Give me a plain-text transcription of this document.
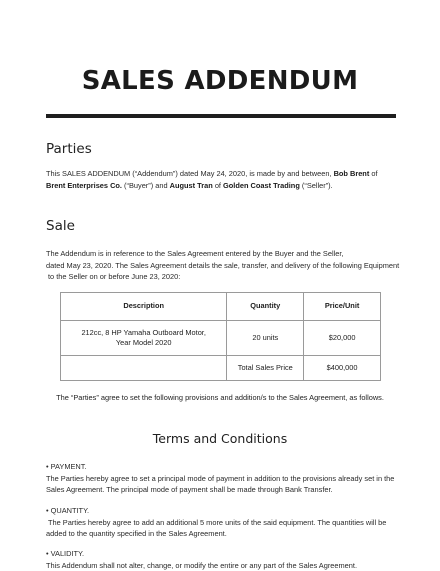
SALES ADDENDUM
Parties
This SALES ADDENDUM (“Addendum”) dated May 24, 2020, is made by and between, Bob Brent of Brent Enterprises Co. (“Buyer”) and August Tran of Golden Coast Trading (“Seller”).
Sale
The Addendum is in reference to the Sales Agreement entered by the Buyer and the Seller,
dated May 23, 2020. The Sales Agreement details the sale, transfer, and delivery of the following Equipment
to the Seller on or before June 23, 2020:
Description	Quantity	Price/Unit

212cc, 8 HP Yamaha Outboard Motor,
Year Model 2020	20 units	$20,000
	Total Sales Price	$400,000
The “Parties” agree to set the following provisions and addition/s to the Sales Agreement, as follows.
Terms and Conditions
• PAYMENT.
The Parties hereby agree to set a principal mode of payment in addition to the provisions already set in the
Sales Agreement. The principal mode of payment shall be made through Bank Transfer.
• QUANTITY.
The Parties hereby agree to add an additional 5 more units of the said equipment. The quantities will be
added to the quantity specified in the Sales Agreement.
• VALIDITY.
This Addendum shall not alter, change, or modify the entire or any part of the Sales Agreement.
